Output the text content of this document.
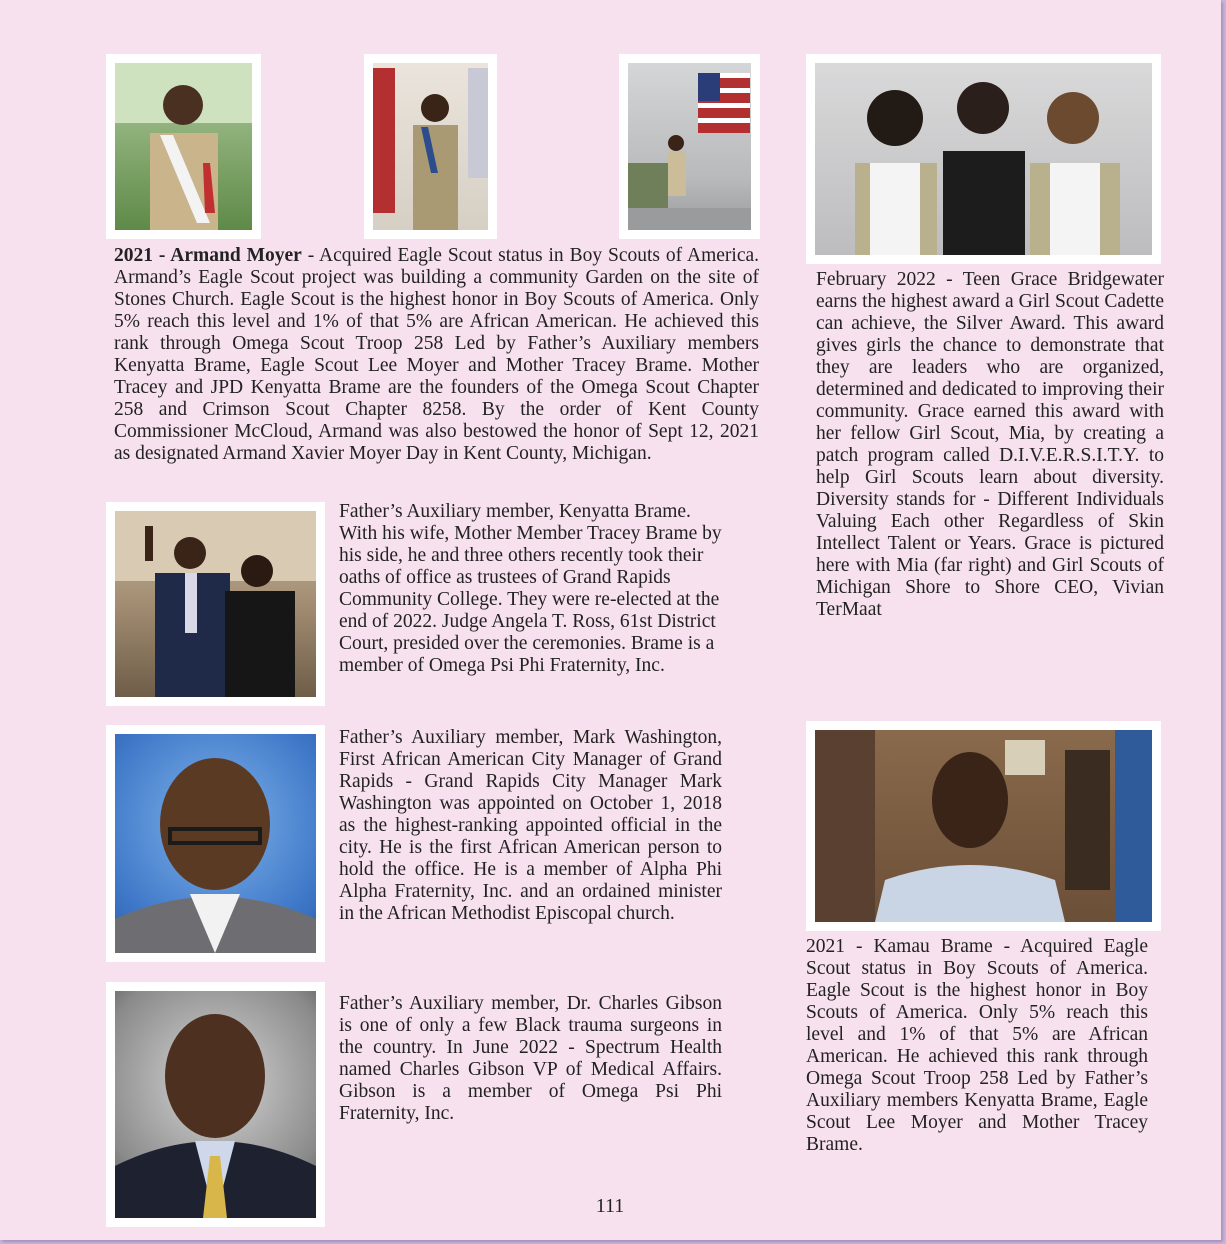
2021 - Armand Moyer - Acquired Eagle Scout status in Boy Scouts of America. Armand’s Eagle Scout project was building a community Garden on the site of Stones Church. Eagle Scout is the highest honor in Boy Scouts of America. Only 5% reach this level and 1% of that 5% are African American. He achieved this rank through Omega Scout Troop 258 Led by Father’s Auxiliary members Kenyatta Brame, Eagle Scout Lee Moyer and Mother Tracey Brame. Mother Tracey and JPD Kenyatta Brame are the founders of the Omega Scout Chapter 258 and Crimson Scout Chapter 8258. By the order of Kent County Commissioner McCloud, Armand was also bestowed the honor of Sept 12, 2021 as designated Armand Xavier Moyer Day in Kent County, Michigan.
February 2022 - Teen Grace Bridgewater earns the highest award a Girl Scout Cadette can achieve, the Silver Award. This award gives girls the chance to demonstrate that they are leaders who are organized, determined and dedicated to improving their community. Grace earned this award with her fellow Girl Scout, Mia, by creating a patch program called D.I.V.E.R.S.I.T.Y. to help Girl Scouts learn about diversity. Diversity stands for - Different Individuals Valuing Each other Regardless of Skin Intellect Talent or Years. Grace is pictured here with Mia (far right) and Girl Scouts of Michigan Shore to Shore CEO, Vivian TerMaat
Father’s Auxiliary member, Kenyatta Brame. With his wife, Mother Member Tracey Brame by his side, he and three others recently took their oaths of office as trustees of Grand Rapids Community College. They were re-elected at the end of 2022. Judge Angela T. Ross, 61st District Court, presided over the ceremonies. Brame is a member of Omega Psi Phi Fraternity, Inc.
Father’s Auxiliary member, Mark Washington, First African American City Manager of Grand Rapids - Grand Rapids City Manager Mark Washington was appointed on October 1, 2018 as the highest-ranking appointed official in the city. He is the first African American person to hold the office. He is a member of Alpha Phi Alpha Fraternity, Inc. and an ordained minister in the African Methodist Episcopal church.
Father’s Auxiliary member, Dr. Charles Gibson is one of only a few Black trauma surgeons in the country. In June 2022 - Spectrum Health named Charles Gibson VP of Medical Affairs. Gibson is a member of Omega Psi Phi Fraternity, Inc.
2021 - Kamau Brame - Acquired Eagle Scout status in Boy Scouts of America. Eagle Scout is the highest honor in Boy Scouts of America. Only 5% reach this level and 1% of that 5% are African American. He achieved this rank through Omega Scout Troop 258 Led by Father’s Auxiliary members Kenyatta Brame, Eagle Scout Lee Moyer and Mother Tracey Brame.
111
